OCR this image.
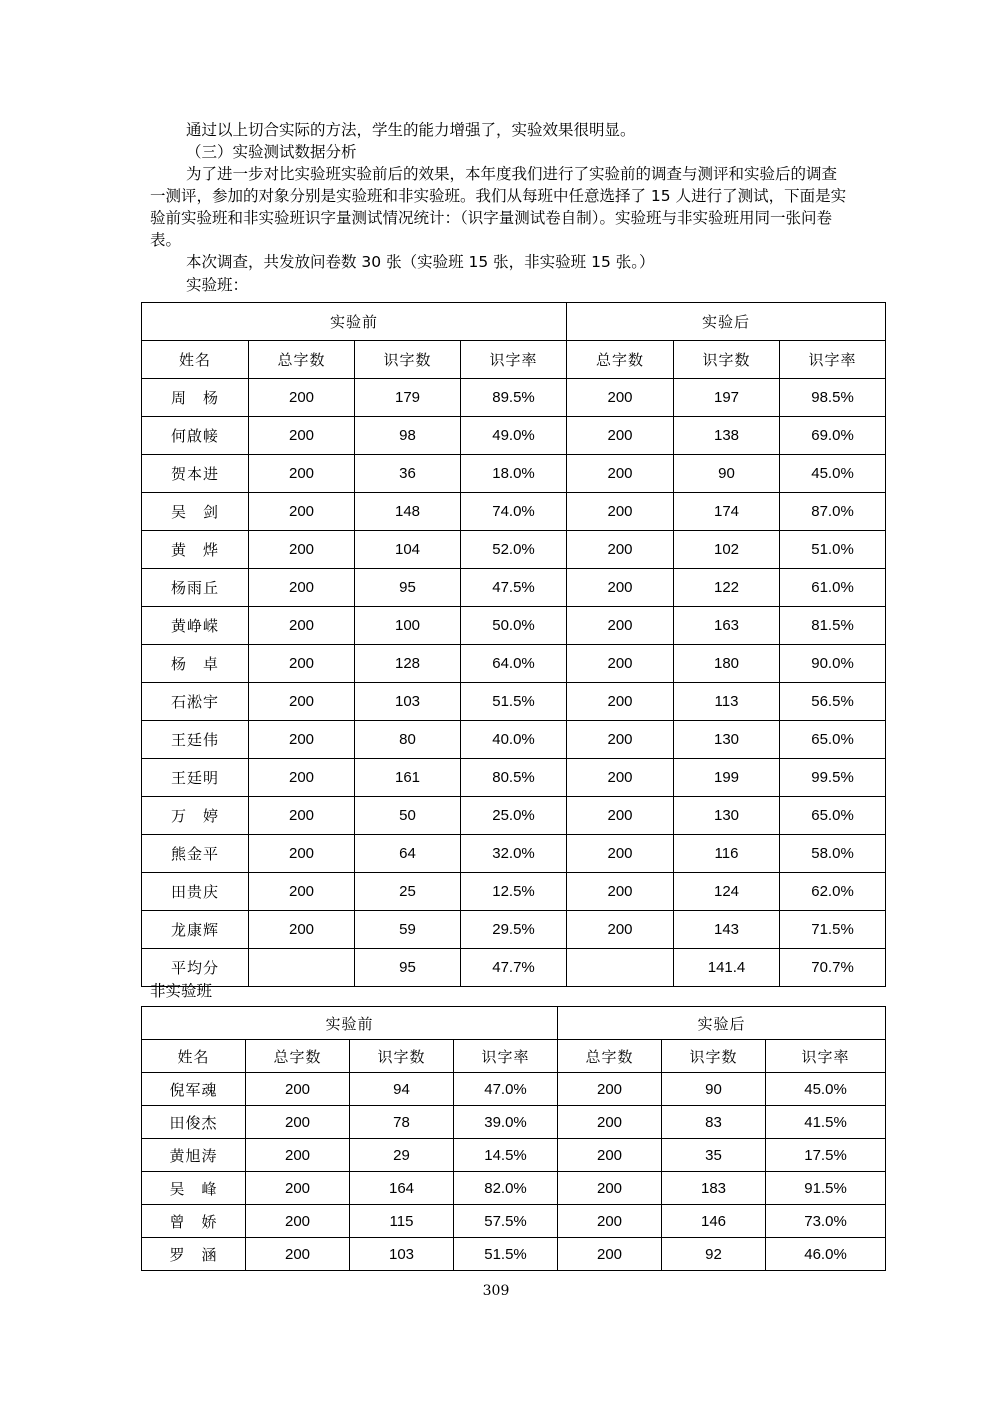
通过以上切合实际的方法，学生的能力增强了，实验效果很明显。
（三）实验测试数据分析
为了进一步对比实验班实验前后的效果，本年度我们进行了实验前的调查与测评和实验后的调查一测评，参加的对象分别是实验班和非实验班。我们从每班中任意选择了 15 人进行了测试，下面是实验前实验班和非实验班识字量测试情况统计：（识字量测试卷自制）。实验班与非实验班用同一张问卷表。
本次调查，共发放问卷数 30 张（实验班 15 张，非实验班 15 张。）
实验班：
实验前				实验后		
姓名	总字数	识字数	识字率	总字数	识字数	识字率
周　杨	200	179	89.5%	200	197	98.5%
何啟帹	200	98	49.0%	200	138	69.0%
贺本进	200	36	18.0%	200	90	45.0%
吴　剑	200	148	74.0%	200	174	87.0%
黄　烨	200	104	52.0%	200	102	51.0%
杨雨丘	200	95	47.5%	200	122	61.0%
黄峥嵘	200	100	50.0%	200	163	81.5%
杨　卓	200	128	64.0%	200	180	90.0%
石淞宇	200	103	51.5%	200	113	56.5%
王廷伟	200	80	40.0%	200	130	65.0%
王廷明	200	161	80.5%	200	199	99.5%
万　婷	200	50	25.0%	200	130	65.0%
熊金平	200	64	32.0%	200	116	58.0%
田贵庆	200	25	12.5%	200	124	62.0%
龙康辉	200	59	29.5%	200	143	71.5%
平均分		95	47.7%		141.4	70.7%
非实验班
实验前				实验后		
姓名	总字数	识字数	识字率	总字数	识字数	识字率
倪军魂	200	94	47.0%	200	90	45.0%
田俊杰	200	78	39.0%	200	83	41.5%
黄旭涛	200	29	14.5%	200	35	17.5%
吴　峰	200	164	82.0%	200	183	91.5%
曾　娇	200	115	57.5%	200	146	73.0%
罗　涵	200	103	51.5%	200	92	46.0%
309
